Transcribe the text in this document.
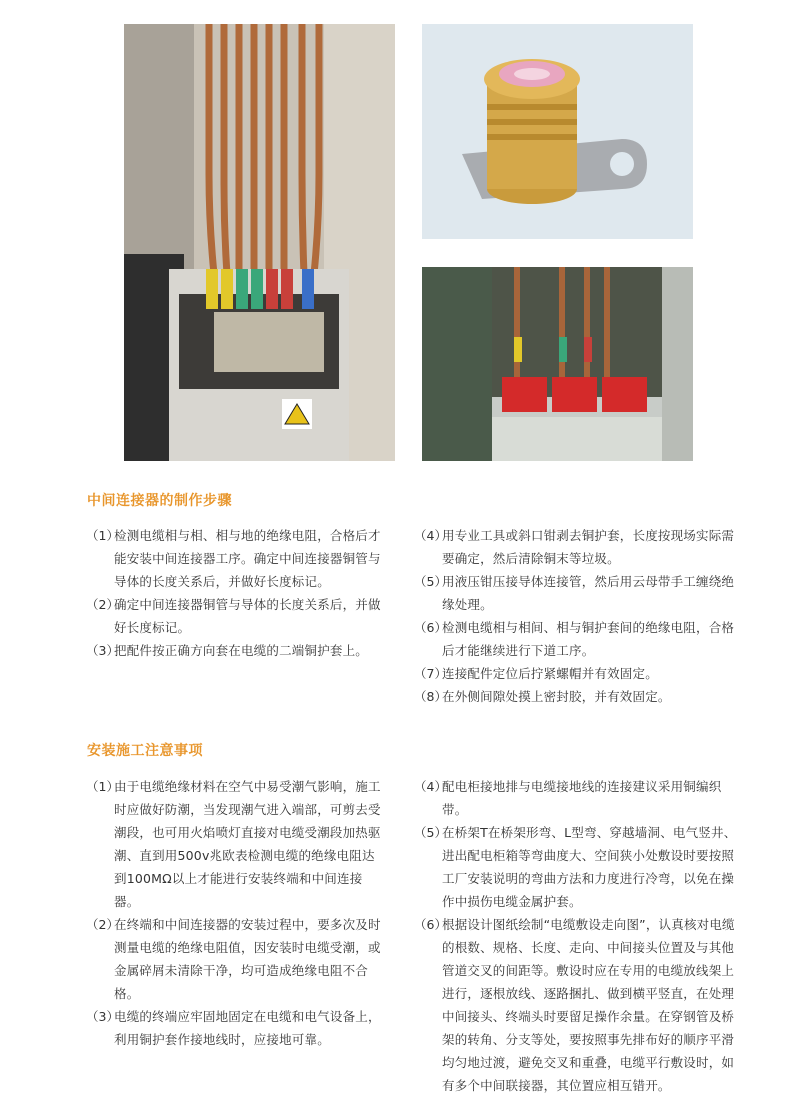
中间连接器的制作步骤
（1）
检测电缆相与相、相与地的绝缘电阻，合格后才能安装中间连接器工序。确定中间连接器铜管与导体的长度关系后，并做好长度标记。
（2）
确定中间连接器铜管与导体的长度关系后，并做好长度标记。
（3）
把配件按正确方向套在电缆的二端铜护套上。
（4）
用专业工具或斜口钳剥去铜护套，长度按现场实际需要确定，然后清除铜末等垃圾。
（5）
用液压钳压接导体连接管，然后用云母带手工缠绕绝缘处理。
（6）
检测电缆相与相间、相与铜护套间的绝缘电阻，合格后才能继续进行下道工序。
（7）
连接配件定位后拧紧螺帽并有效固定。
（8）
在外侧间隙处摸上密封胶，并有效固定。
安装施工注意事项
（1）
由于电缆绝缘材料在空气中易受潮气影响，施工时应做好防潮，当发现潮气进入端部，可剪去受潮段，也可用火焰喷灯直接对电缆受潮段加热驱潮、直到用500v兆欧表检测电缆的绝缘电阻达到100MΩ以上才能进行安装终端和中间连接器。
（2）
在终端和中间连接器的安装过程中，要多次及时测量电缆的绝缘电阻值，因安装时电缆受潮，或金属碎屑未清除干净，均可造成绝缘电阻不合格。
（3）
电缆的终端应牢固地固定在电缆和电气设备上，利用铜护套作接地线时，应接地可靠。
（4）
配电柜接地排与电缆接地线的连接建议采用铜编织带。
（5）
在桥架T在桥架形弯、L型弯、穿越墙洞、电气竖井、进出配电柜箱等弯曲度大、空间狭小处敷设时要按照工厂安装说明的弯曲方法和力度进行冷弯，以免在操作中损伤电缆金属护套。
（6）
根据设计图纸绘制“电缆敷设走向图”，认真核对电缆的根数、规格、长度、走向、中间接头位置及与其他管道交叉的间距等。敷设时应在专用的电缆放线架上进行，逐根放线、逐路捆扎、做到横平竖直，在处理中间接头、终端头时要留足操作余量。在穿钢管及桥架的转角、分支等处，要按照事先排布好的顺序平滑均匀地过渡，避免交叉和重叠，电缆平行敷设时，如有多个中间联接器，其位置应相互错开。
